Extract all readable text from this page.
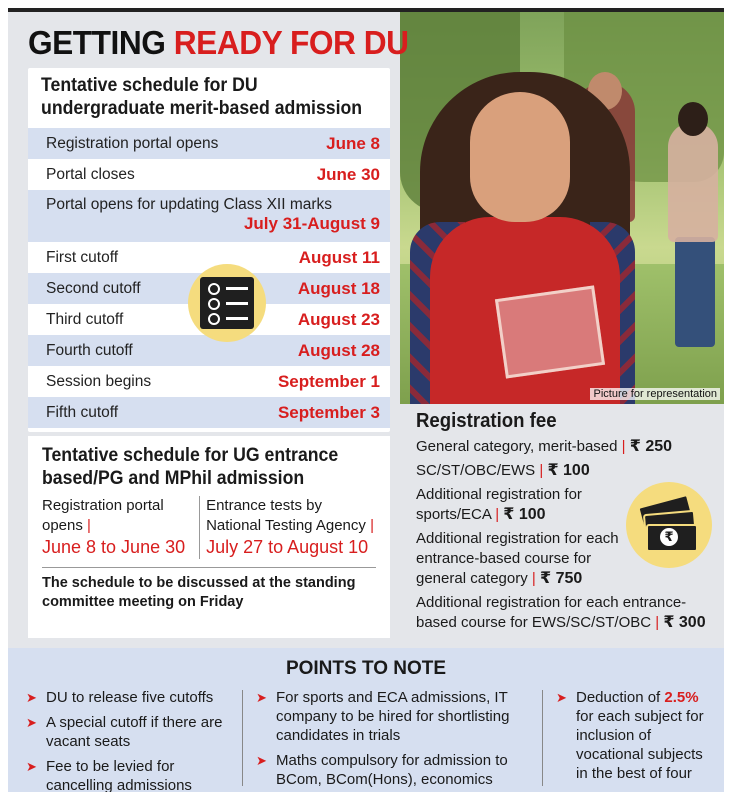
Picture for representation
GETTING READY FOR DU
Tentative schedule for DU
undergraduate merit-based admission
Registration portal opens	June 8
Portal closes	June 30
Portal opens for updating Class XII marks
July 31-August 9
First cutoff	August 11
Second cutoff	August 18
Third cutoff	August 23
Fourth cutoff	August 28
Session begins	September 1
Fifth cutoff	September 3
Tentative schedule for UG entrance
based/PG and MPhil admission
Registration portal opens |
June 8 to June 30
Entrance tests by National Testing Agency |
July 27 to August 10
The schedule to be discussed at the standing committee meeting on Friday
Registration fee

General category, merit-based | ₹ 250

SC/ST/OBC/EWS | ₹ 100

Additional registration for sports/ECA | ₹ 100

Additional registration for each entrance-based course for general category | ₹ 750

Additional registration for each entrance-based course for EWS/SC/ST/OBC | ₹ 300

₹
POINTS TO NOTE
➤ DU to release five cutoffs
➤ A special cutoff if there are vacant seats
➤ Fee to be levied for cancelling admissions
➤ For sports and ECA admissions, IT company to be hired for shortlisting candidates in trials
➤ Maths compulsory for admission to BCom, BCom(Hons), economics
➤ Deduction of 2.5% for each subject for inclusion of vocational subjects in the best of four
